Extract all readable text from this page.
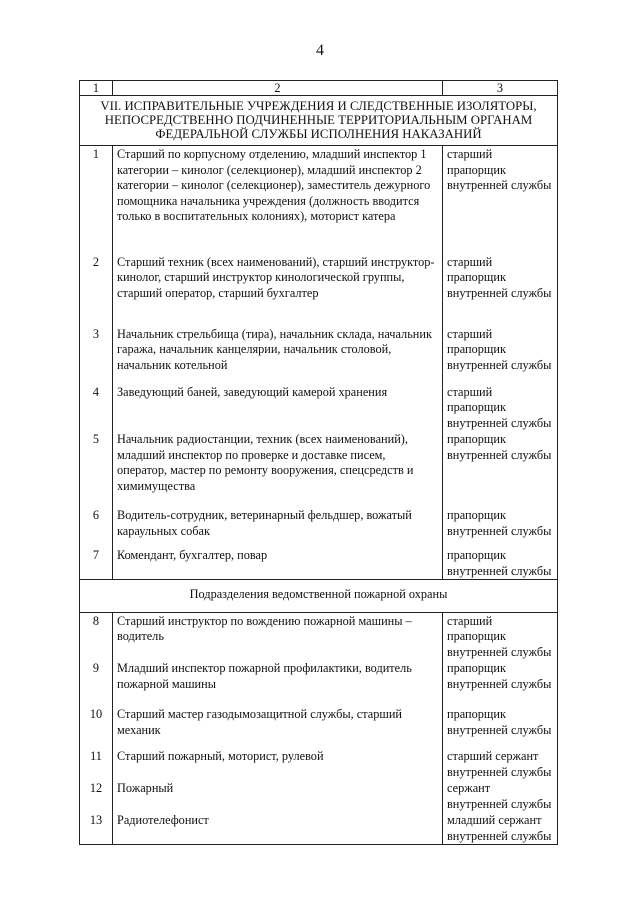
4
1	2	3
VII. ИСПРАВИТЕЛЬНЫЕ УЧРЕЖДЕНИЯ И СЛЕДСТВЕННЫЕ ИЗОЛЯТОРЫ, НЕПОСРЕДСТВЕННО ПОДЧИНЕННЫЕ ТЕРРИТОРИАЛЬНЫМ ОРГАНАМ ФЕДЕРАЛЬНОЙ СЛУЖБЫ ИСПОЛНЕНИЯ НАКАЗАНИЙ		
1	Старший по корпусному отделению, младший инспектор 1 категории – кинолог (селекционер), младший инспектор 2 категории – кинолог (селекционер), заместитель дежурного помощника начальника учреждения (должность вводится только в воспитательных колониях), моторист катера	старший прапорщик внутренней службы
2	Старший техник (всех наименований), старший инструктор-кинолог, старший инструктор кинологической группы, старший оператор, старший бухгалтер	старший прапорщик внутренней службы
3	Начальник стрельбища (тира), начальник склада, начальник гаража, начальник канцелярии, начальник столовой, начальник котельной	старший прапорщик внутренней службы
4	Заведующий баней, заведующий камерой хранения	старший прапорщик внутренней службы
5	Начальник радиостанции, техник (всех наименований), младший инспектор по проверке и доставке писем, оператор, мастер по ремонту вооружения, спецсредств и химимущества	прапорщик внутренней службы
6	Водитель-сотрудник, ветеринарный фельдшер, вожатый караульных собак	прапорщик внутренней службы
7	Комендант, бухгалтер, повар	прапорщик внутренней службы
Подразделения ведомственной пожарной охраны		
8	Старший инструктор по вождению пожарной машины – водитель	старший прапорщик внутренней службы
9	Младший инспектор пожарной профилактики, водитель пожарной машины	прапорщик внутренней службы
10	Старший мастер газодымозащитной службы, старший механик	прапорщик внутренней службы
11	Старший пожарный, моторист, рулевой	старший сержант внутренней службы
12	Пожарный	сержант внутренней службы
13	Радиотелефонист	младший сержант внутренней службы
